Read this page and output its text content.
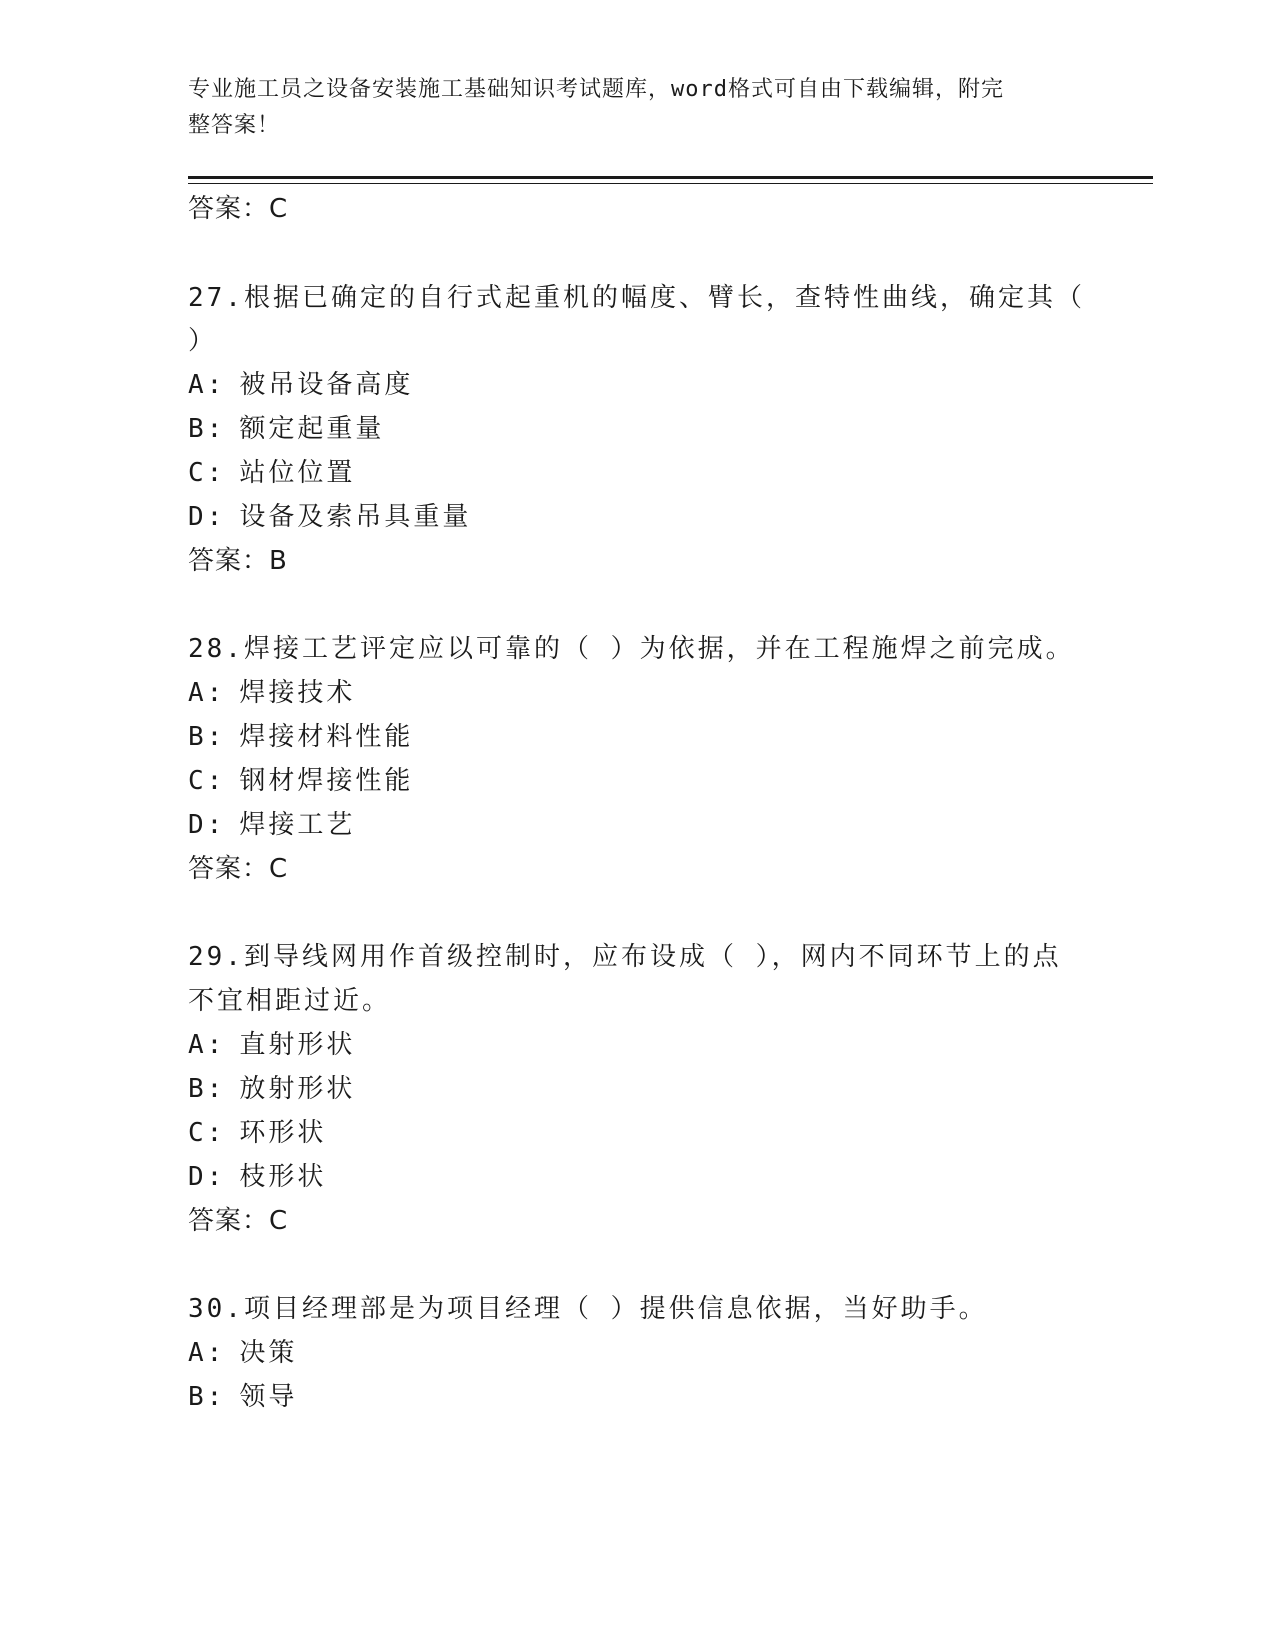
专业施工员之设备安装施工基础知识考试题库，word格式可自由下载编辑，附完
整答案！
答案：C
27.根据已确定的自行式起重机的幅度、臂长，查特性曲线，确定其（
）
A: 被吊设备高度
B: 额定起重量
C: 站位位置
D: 设备及索吊具重量
答案：B
28.焊接工艺评定应以可靠的（ ）为依据，并在工程施焊之前完成。
A: 焊接技术
B: 焊接材料性能
C: 钢材焊接性能
D: 焊接工艺
答案：C
29.到导线网用作首级控制时，应布设成（ ），网内不同环节上的点
不宜相距过近。
A: 直射形状
B: 放射形状
C: 环形状
D: 枝形状
答案：C
30.项目经理部是为项目经理（ ）提供信息依据，当好助手。
A: 决策
B: 领导
